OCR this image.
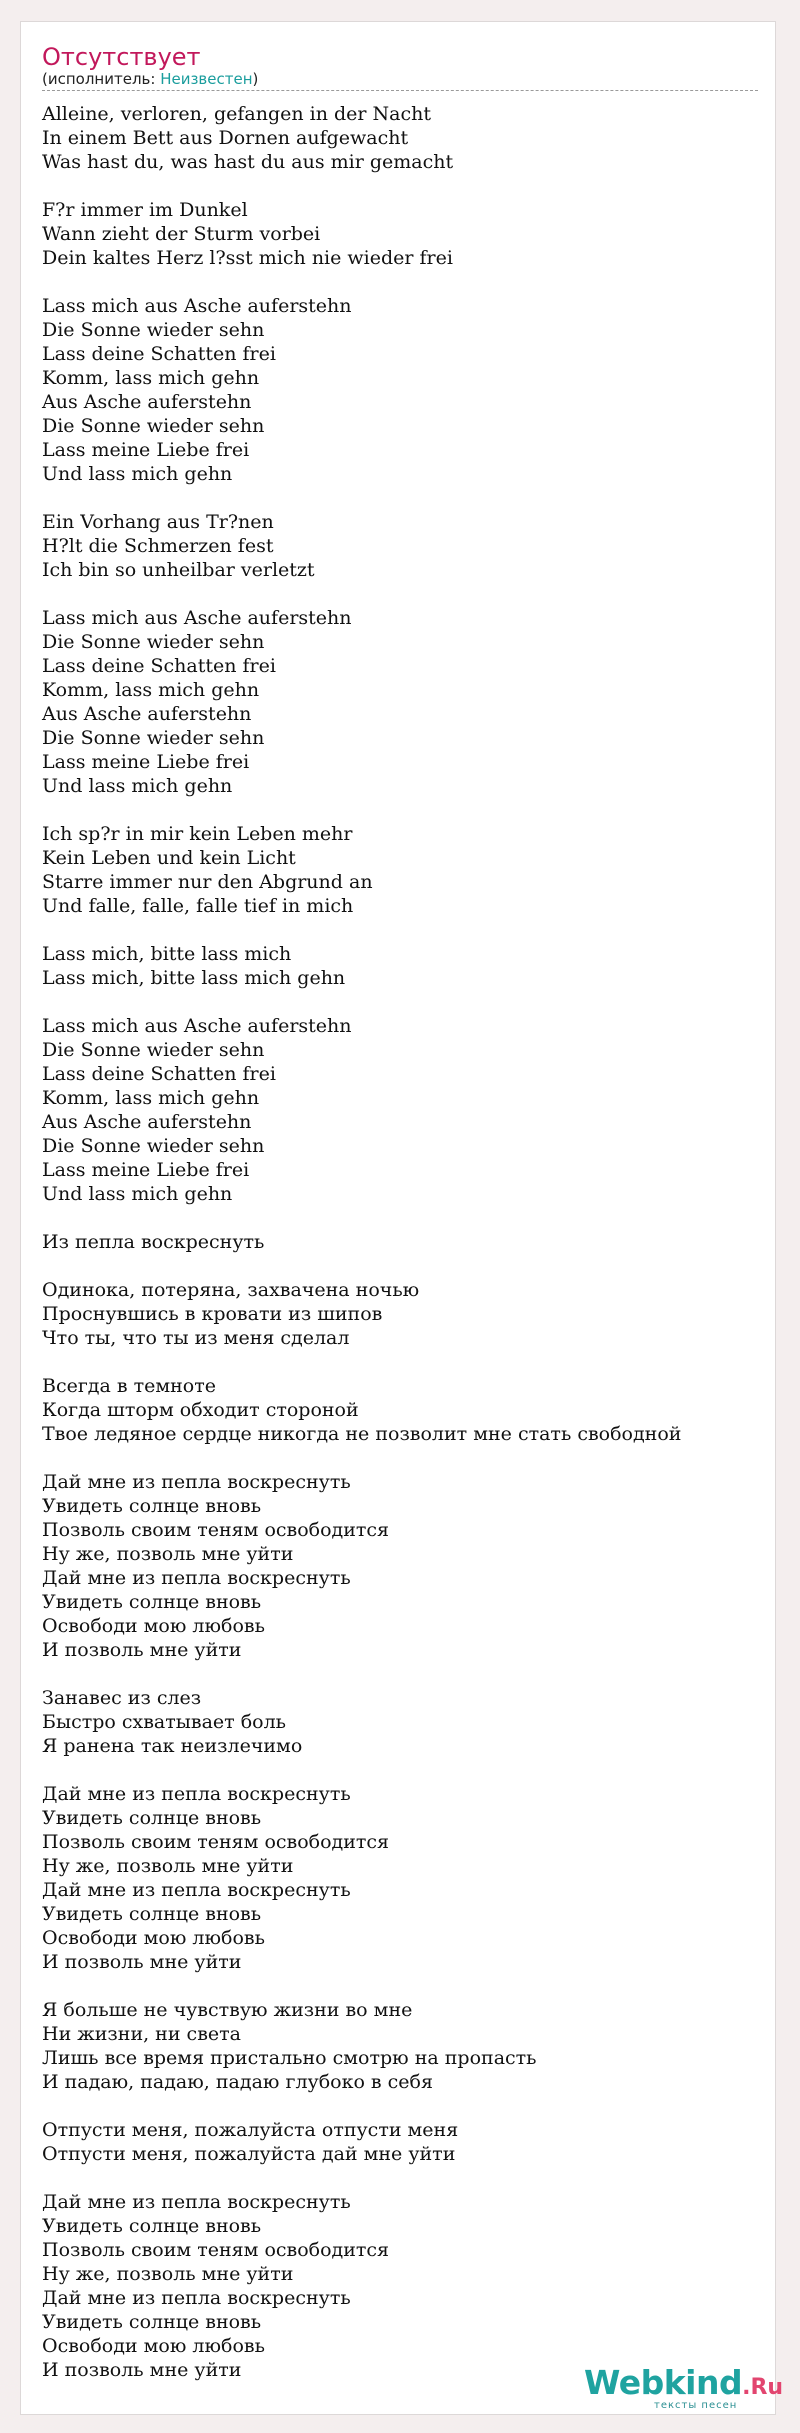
Отсутствует
(исполнитель: Неизвестен)
Alleine, verloren, gefangen in der Nacht
In einem Bett aus Dornen aufgewacht
Was hast du, was hast du aus mir gemacht
F?r immer im Dunkel
Wann zieht der Sturm vorbei
Dein kaltes Herz l?sst mich nie wieder frei
Lass mich aus Asche auferstehn
Die Sonne wieder sehn
Lass deine Schatten frei
Komm, lass mich gehn
Aus Asche auferstehn
Die Sonne wieder sehn
Lass meine Liebe frei
Und lass mich gehn
Ein Vorhang aus Tr?nen
H?lt die Schmerzen fest
Ich bin so unheilbar verletzt
Lass mich aus Asche auferstehn
Die Sonne wieder sehn
Lass deine Schatten frei
Komm, lass mich gehn
Aus Asche auferstehn
Die Sonne wieder sehn
Lass meine Liebe frei
Und lass mich gehn
Ich sp?r in mir kein Leben mehr
Kein Leben und kein Licht
Starre immer nur den Abgrund an
Und falle, falle, falle tief in mich
Lass mich, bitte lass mich
Lass mich, bitte lass mich gehn
Lass mich aus Asche auferstehn
Die Sonne wieder sehn
Lass deine Schatten frei
Komm, lass mich gehn
Aus Asche auferstehn
Die Sonne wieder sehn
Lass meine Liebe frei
Und lass mich gehn
Из пепла воскреснуть
Одинока, потеряна, захвачена ночью
Проснувшись в кровати из шипов
Что ты, что ты из меня сделал
Всегда в темноте
Когда шторм обходит стороной
Твое ледяное сердце никогда не позволит мне стать свободной
Дай мне из пепла воскреснуть
Увидеть солнце вновь
Позволь своим теням освободится
Ну же, позволь мне уйти
Дай мне из пепла воскреснуть
Увидеть солнце вновь
Освободи мою любовь
И позволь мне уйти
Занавес из слез
Быстро схватывает боль
Я ранена так неизлечимо
Дай мне из пепла воскреснуть
Увидеть солнце вновь
Позволь своим теням освободится
Ну же, позволь мне уйти
Дай мне из пепла воскреснуть
Увидеть солнце вновь
Освободи мою любовь
И позволь мне уйти
Я больше не чувствую жизни во мне
Ни жизни, ни света
Лишь все время пристально смотрю на пропасть
И падаю, падаю, падаю глубоко в себя
Отпусти меня, пожалуйста отпусти меня
Отпусти меня, пожалуйста дай мне уйти
Дай мне из пепла воскреснуть
Увидеть солнце вновь
Позволь своим теням освободится
Ну же, позволь мне уйти
Дай мне из пепла воскреснуть
Увидеть солнце вновь
Освободи мою любовь
И позволь мне уйти	Webkind.Ru
тексты песен
